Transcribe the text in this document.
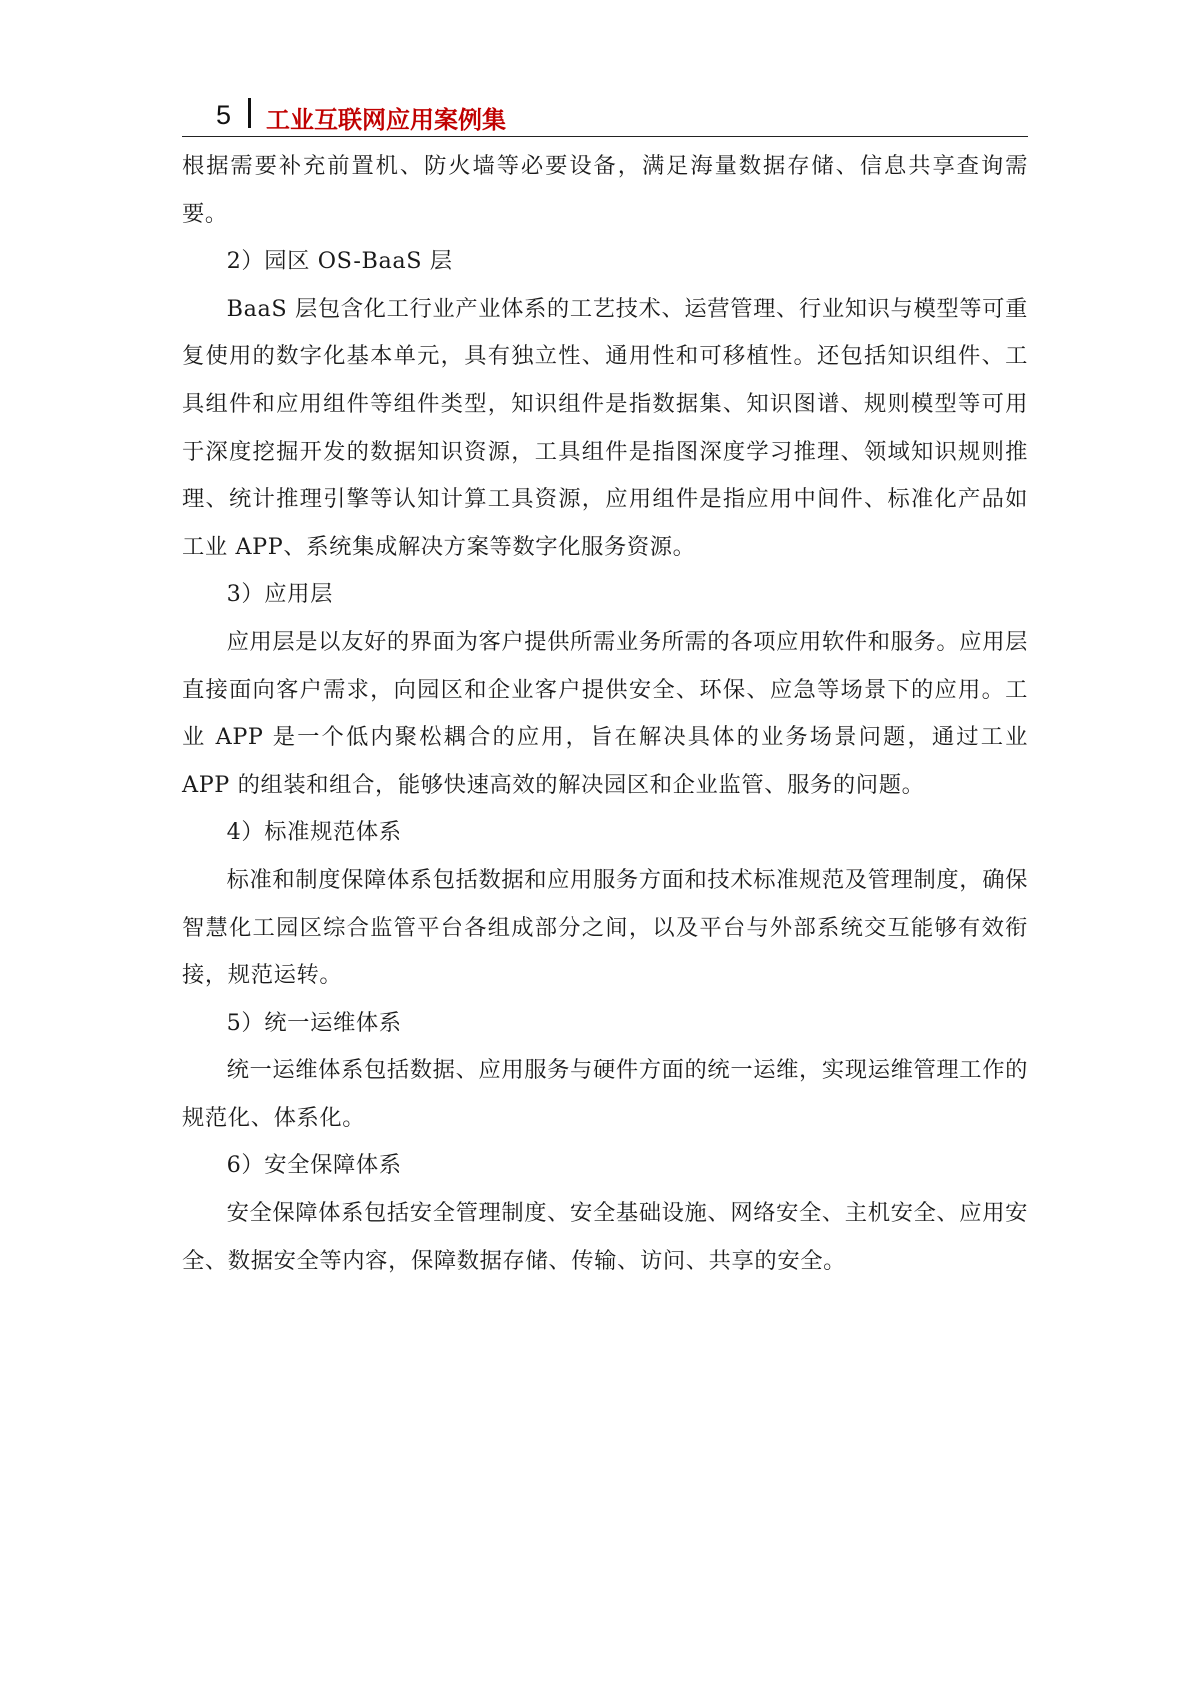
5 工业互联网应用案例集

根据需要补充前置机、防火墙等必要设备，满足海量数据存储、信息共享查询需要。

2）园区 OS-BaaS 层

BaaS 层包含化工行业产业体系的工艺技术、运营管理、行业知识与模型等可重复使用的数字化基本单元，具有独立性、通用性和可移植性。还包括知识组件、工具组件和应用组件等组件类型，知识组件是指数据集、知识图谱、规则模型等可用于深度挖掘开发的数据知识资源，工具组件是指图深度学习推理、领域知识规则推理、统计推理引擎等认知计算工具资源，应用组件是指应用中间件、标准化产品如工业 APP、系统集成解决方案等数字化服务资源。

3）应用层

应用层是以友好的界面为客户提供所需业务所需的各项应用软件和服务。应用层直接面向客户需求，向园区和企业客户提供安全、环保、应急等场景下的应用。工业 APP 是一个低内聚松耦合的应用，旨在解决具体的业务场景问题，通过工业 APP 的组装和组合，能够快速高效的解决园区和企业监管、服务的问题。

4）标准规范体系

标准和制度保障体系包括数据和应用服务方面和技术标准规范及管理制度，确保智慧化工园区综合监管平台各组成部分之间，以及平台与外部系统交互能够有效衔接，规范运转。

5）统一运维体系

统一运维体系包括数据、应用服务与硬件方面的统一运维，实现运维管理工作的规范化、体系化。

6）安全保障体系

安全保障体系包括安全管理制度、安全基础设施、网络安全、主机安全、应用安全、数据安全等内容，保障数据存储、传输、访问、共享的安全。
